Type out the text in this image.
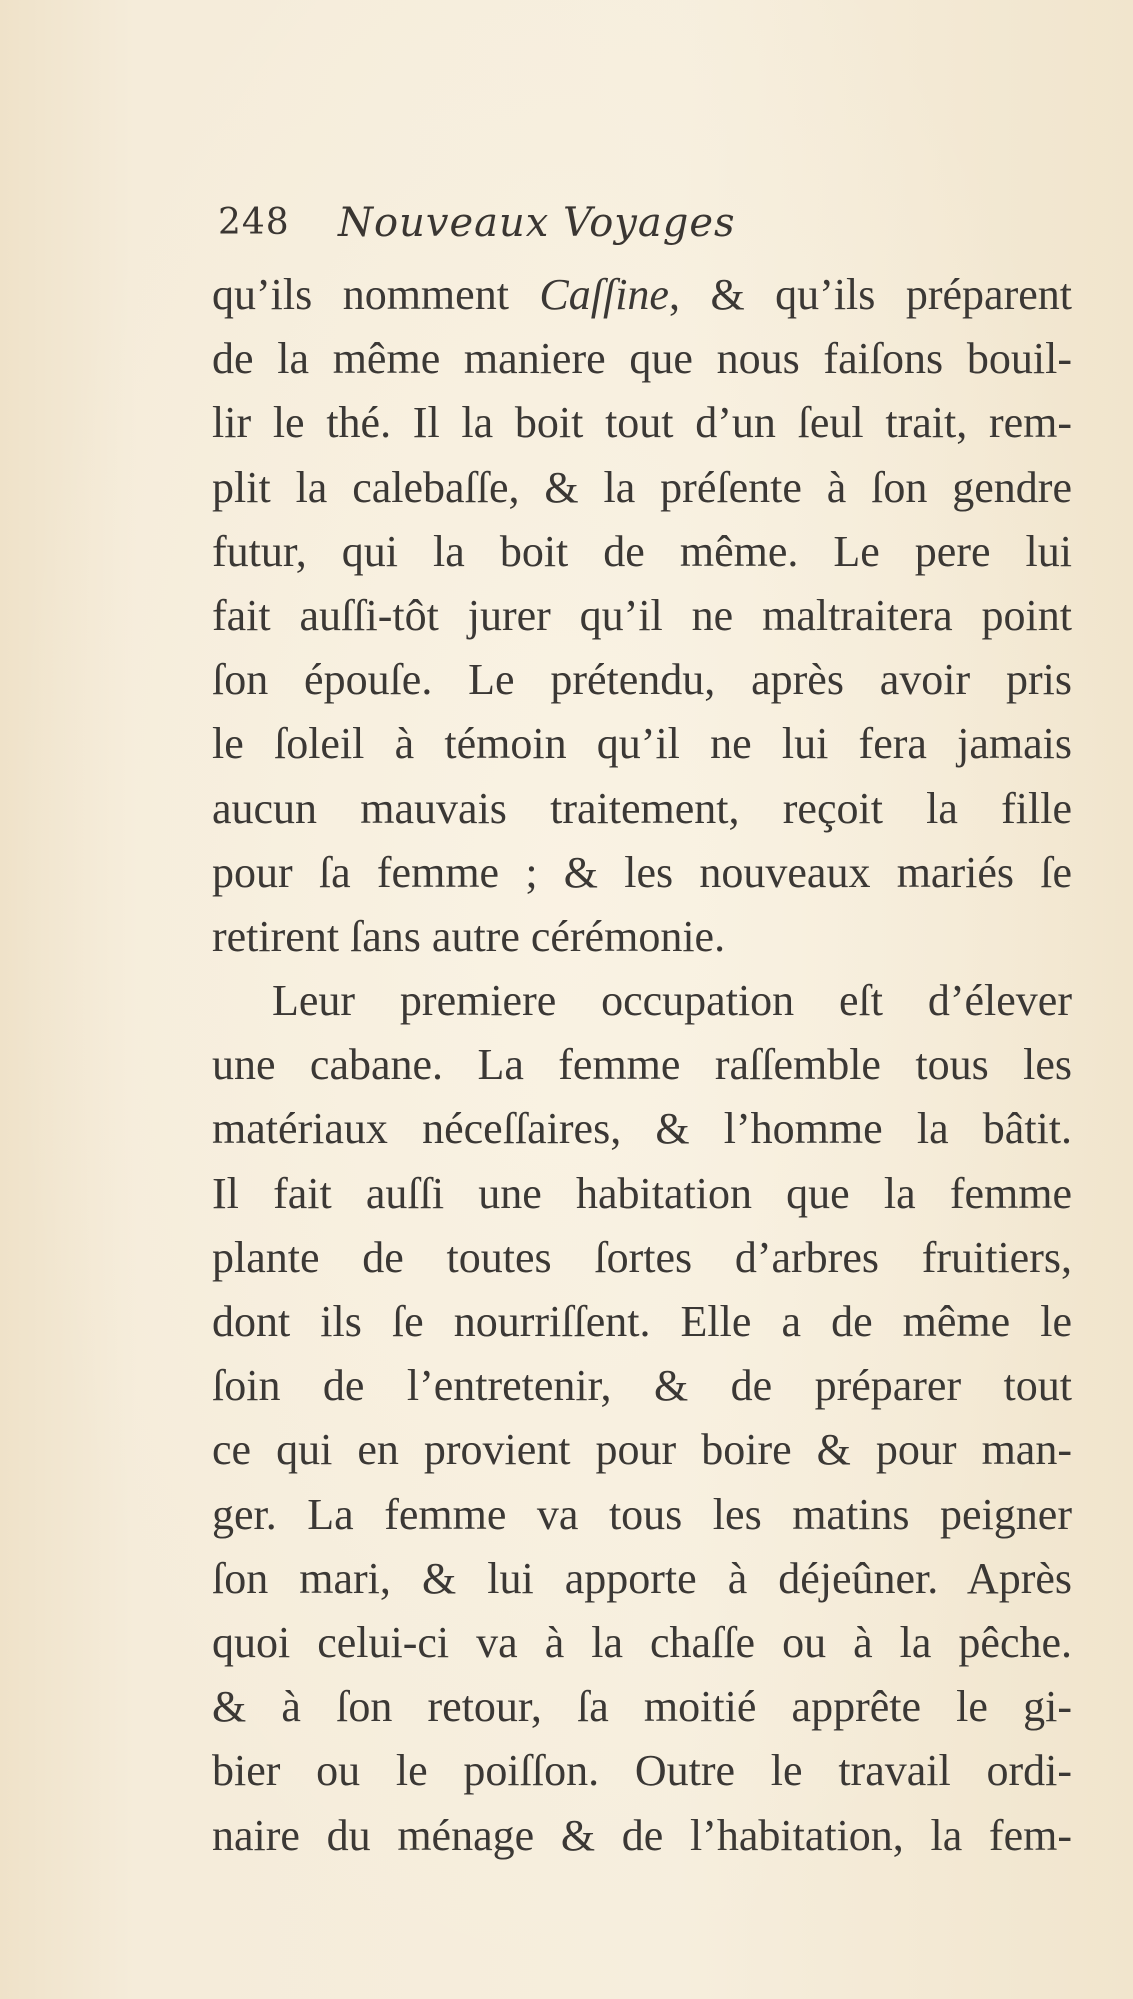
248 Nouveaux Voyages
qu’ils nomment Caſſine, & qu’ils préparent
de la même maniere que nous faiſons bouil-
lir le thé. Il la boit tout d’un ſeul trait, rem-
plit la calebaſſe, & la préſente à ſon gendre
futur, qui la boit de même. Le pere lui
fait auſſi-tôt jurer qu’il ne maltraitera point
ſon épouſe. Le prétendu, après avoir pris
le ſoleil à témoin qu’il ne lui fera jamais
aucun mauvais traitement, reçoit la fille
pour ſa femme ; & les nouveaux mariés ſe
retirent ſans autre cérémonie.
Leur premiere occupation eſt d’élever
une cabane. La femme raſſemble tous les
matériaux néceſſaires, & l’homme la bâtit.
Il fait auſſi une habitation que la femme
plante de toutes ſortes d’arbres fruitiers,
dont ils ſe nourriſſent. Elle a de même le
ſoin de l’entretenir, & de préparer tout
ce qui en provient pour boire & pour man-
ger. La femme va tous les matins peigner
ſon mari, & lui apporte à déjeûner. Après
quoi celui-ci va à la chaſſe ou à la pêche.
& à ſon retour, ſa moitié apprête le gi-
bier ou le poiſſon. Outre le travail ordi-
naire du ménage & de l’habitation, la fem-
